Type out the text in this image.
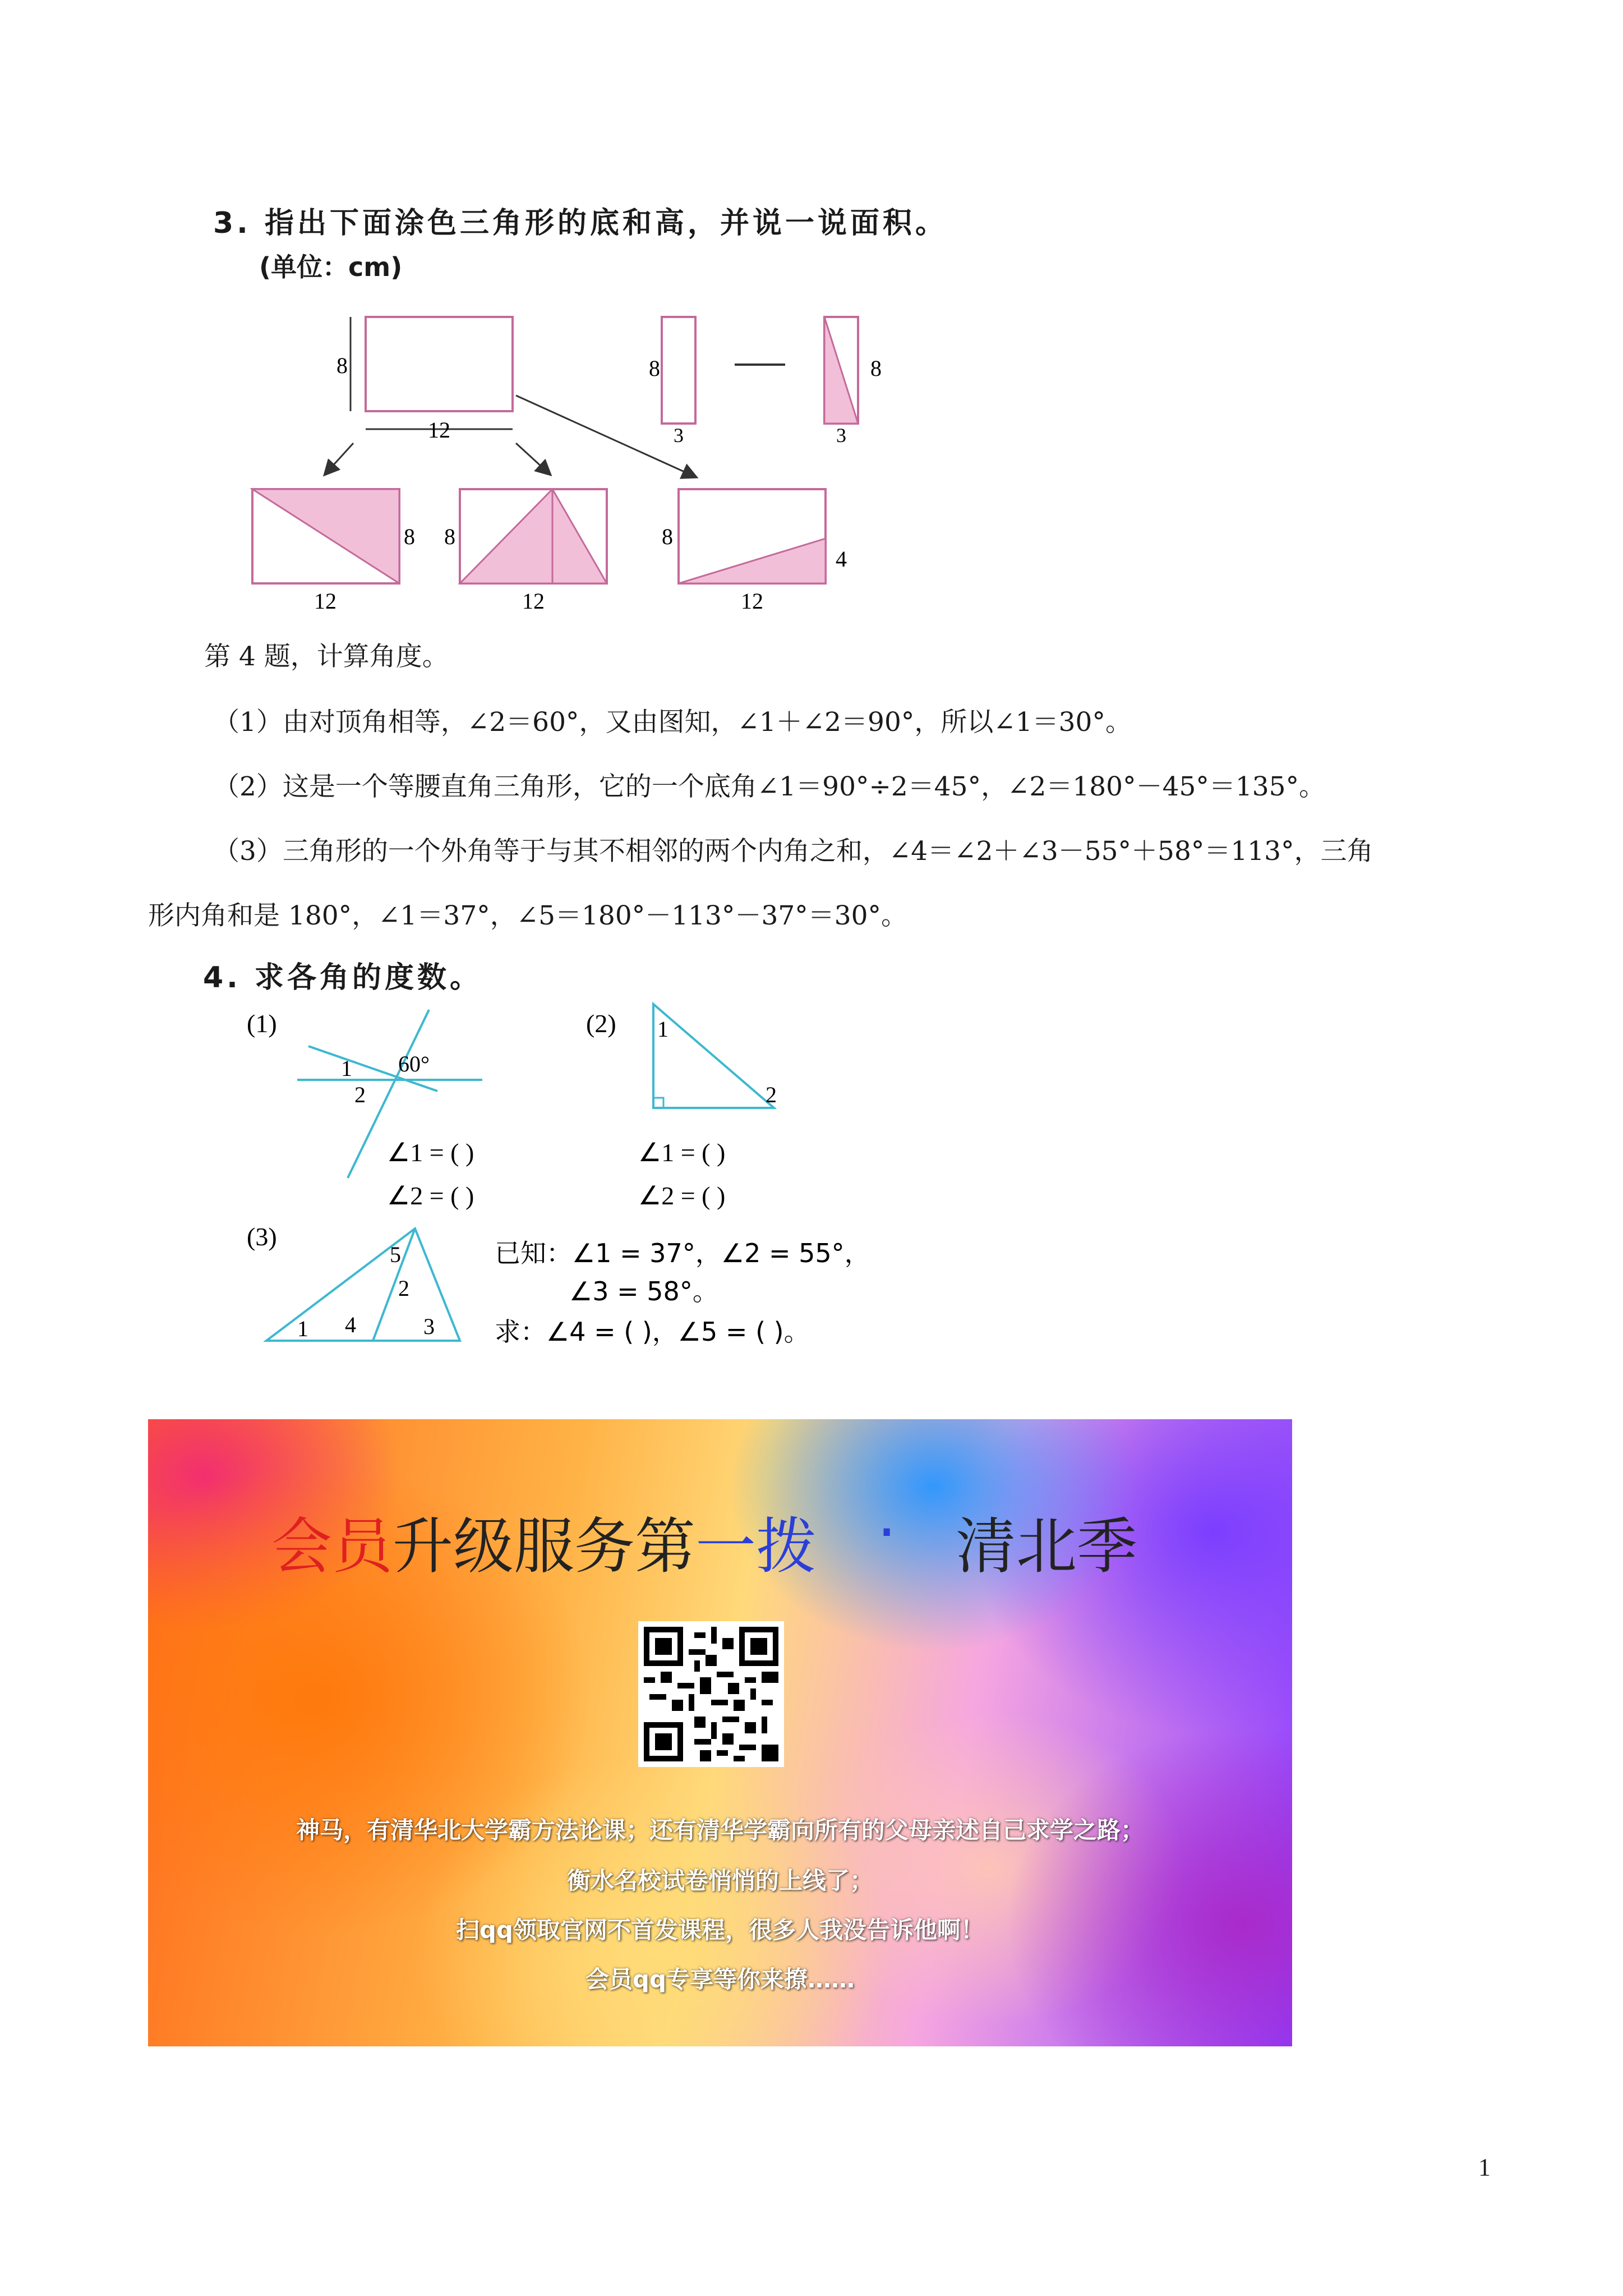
3. 指出下面涂色三角形的底和高，并说一说面积。
(单位：cm)
8
12
8
3
8
3
8
12
8
12
8
4
12
第 4 题，计算角度。
（1）由对顶角相等，∠2＝60°，又由图知，∠1＋∠2＝90°，所以∠1＝30°。
（2）这是一个等腰直角三角形，它的一个底角∠1＝90°÷2＝45°，∠2＝180°－45°＝135°。
（3）三角形的一个外角等于与其不相邻的两个内角之和，∠4＝∠2＋∠3－55°＋58°＝113°，三角
形内角和是 180°，∠1＝37°，∠5＝180°－113°－37°＝30°。
4. 求各角的度数。
(1)
1
2
60°
∠1 = ( )
∠2 = ( )
(2) 1
2
∠1 = ( )
∠2 = ( )
(3)
1 4	3
2
5	已知：∠1 = 37°，∠2 = 55°，
∠3 = 58°。
求：∠4 = ( )，∠5 = ( )。
会员 升级服务第 一拨 · 清北季
神马，有清华北大学霸方法论课；还有清华学霸向所有的父母亲述自己求学之路；
衡水名校试卷悄悄的上线了；
扫qq领取官网不首发课程，很多人我没告诉他啊！
会员qq专享等你来撩……
1
